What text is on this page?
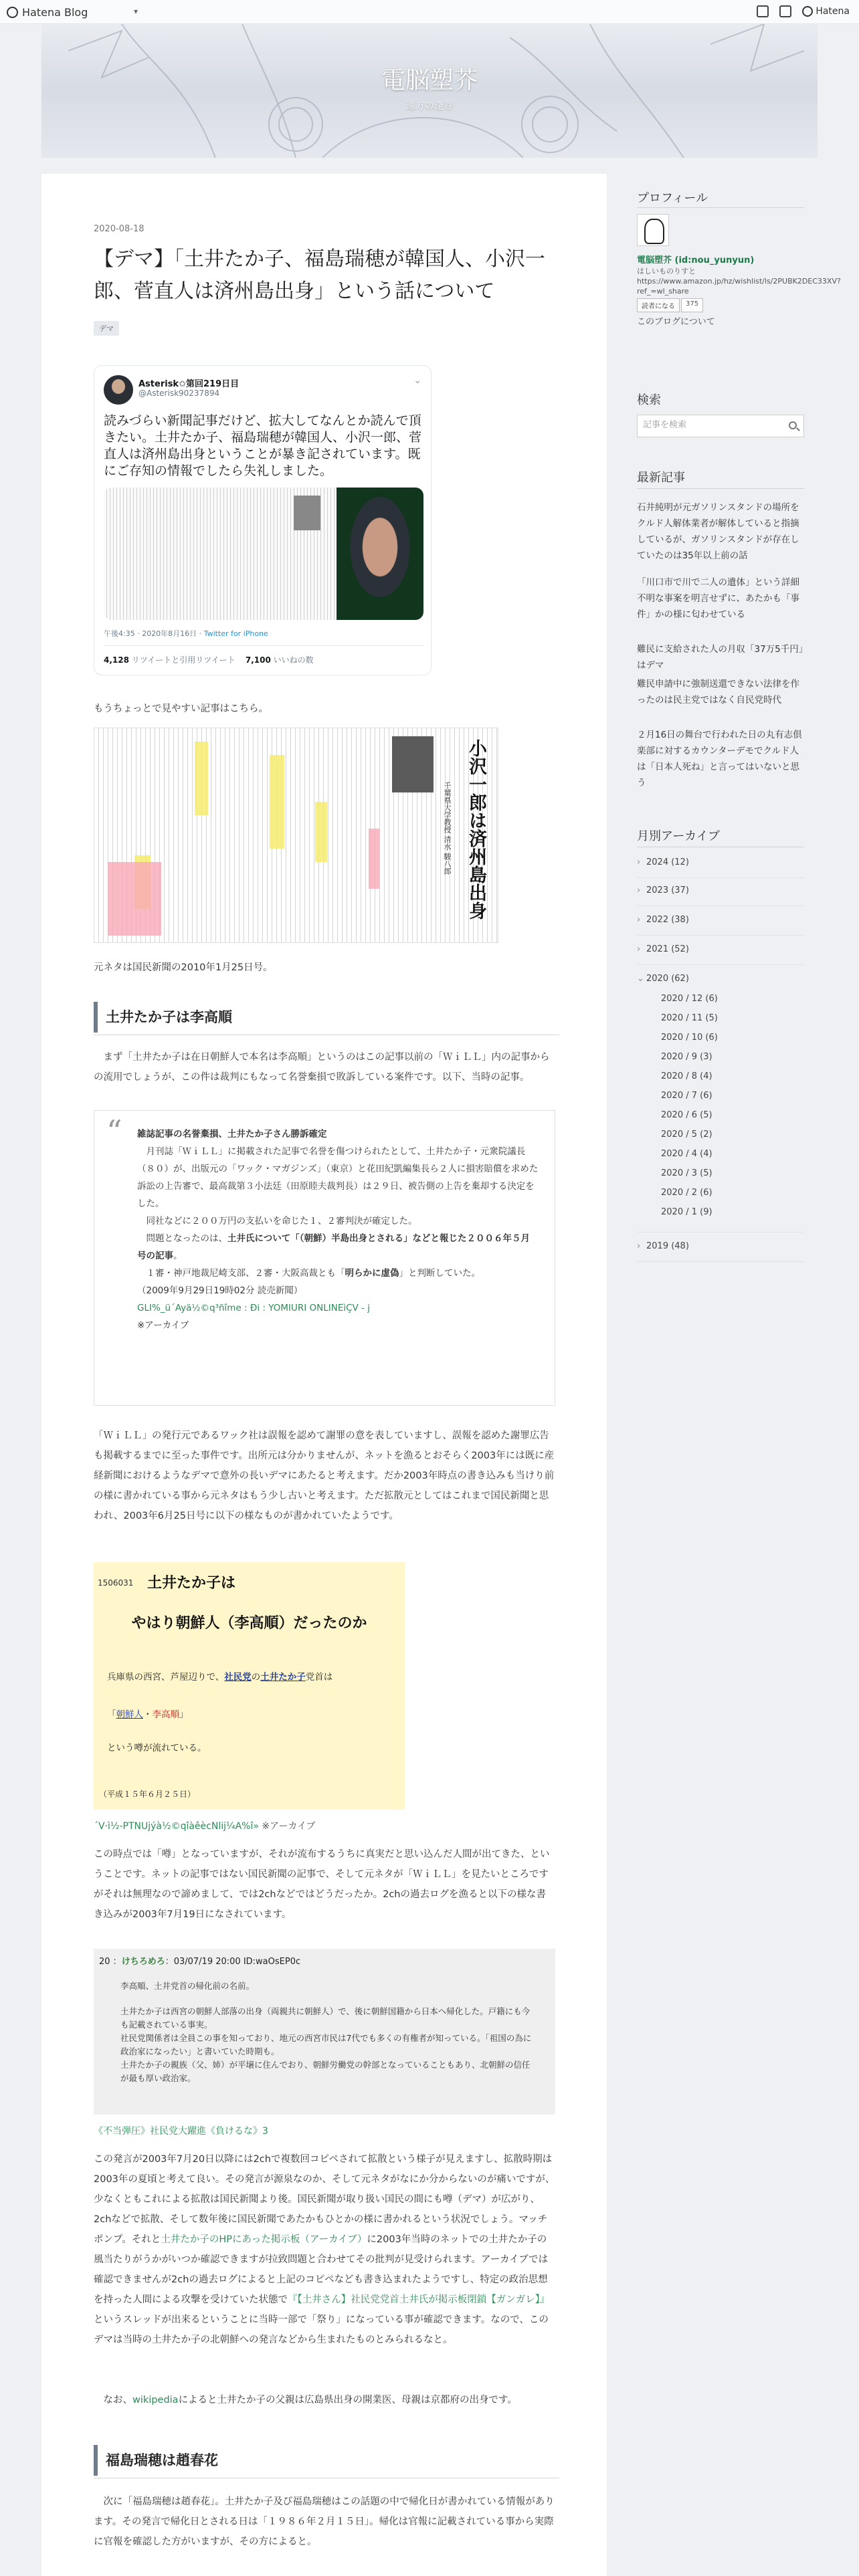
Hatena Blog	▾	Hatena
電脳塑芥
遠方の逢谷
2020-08-18
【デマ】「土井たか子、福島瑞穂が韓国人、小沢一郎、菅直人は済州島出身」という話について
デマ
Asterisk✩第回219日目
@Asterisk90237894
⌄
読みづらい新聞記事だけど、拡大してなんとか読んで頂きたい。土井たか子、福島瑞穂が韓国人、小沢一郎、菅直人は済州島出身ということが暴き記されています。既にご存知の情報でしたら失礼しました。
午後4:35 · 2020年8月16日 · Twitter for iPhone
4,128 リツイートと引用リツイート 7,100 いいねの数
もうちょっとで見やすい記事はこちら。
小沢一郎は済州島出身
千葉県大学教授 清水 駿八郎
元ネタは国民新聞の2010年1月25日号。
土井たか子は李高順
　まず「土井たか子は在日朝鮮人で本名は李高順」というのはこの記事以前の「ＷｉＬＬ」内の記事からの流用でしょうが、この件は裁判にもなって名誉棄損で敗訴している案件です。以下、当時の記事。
“ 雑誌記事の名誉棄損、土井たか子さん勝訴確定
　月刊誌「ＷｉＬＬ」に掲載された記事で名誉を傷つけられたとして、土井たか子・元衆院議長（８０）が、出版元の「ワック・マガジンズ」（東京）と花田紀凱編集長ら２人に損害賠償を求めた訴訟の上告審で、最高裁第３小法廷（田原睦夫裁判長）は２９日、被告側の上告を棄却する決定をした。
　同社などに２００万円の支払いを命じた１、２審判決が確定した。
　問題となったのは、土井氏について「（朝鮮）半島出身とされる」などと報じた２００６年５月号の記事。
　１審・神戸地裁尼崎支部、２審・大阪高裁とも「明らかに虚偽」と判断していた。
（2009年9月29日19時02分 読売新聞）
GLI%_ü´Ayä½©q³ñîme : Ði : YOMIURI ONLINEìÇV - j
※アーカイブ
「ＷｉＬＬ」の発行元であるワック社は誤報を認めて謝罪の意を表していますし、誤報を認めた謝罪広告も掲載するまでに至った事件です。出所元は分かりませんが、ネットを漁るとおそらく2003年には既に産経新聞におけるようなデマで意外の長いデマにあたると考えます。だか2003年時点の書き込みも当けり前の様に書かれている事から元ネタはもう少し古いと考えます。ただ拡散元としてはこれまで国民新聞と思われ、​2003年6月25日号に以下の様なものが書かれていたようです。
1506031 土井たか子は
やはり朝鮮人（李高順）だったのか
兵庫県の西宮、芦屋辺りで、社民党の土井たか子党首は
「朝鮮人・李高順」
という噂が流れている。
（平成１５年６月２５日）
´V·ì½-PTNUjýà½©qîàêècNlij¼A%î» ※アーカイブ
この時点では「噂」となっていますが、それが流布するうちに真実だと思い込んだ人間が出てきた、ということです。ネットの記事ではない国民新聞の記事で、そして元ネタが「ＷｉＬＬ」を見たいところですがそれは無理なので諦めまして、では2chなどではどうだったか。2chの過去ログを漁ると以下の様な書き込みが2003年7月19日になされています。
20 ：けちろめろ：03/07/19 20:00 ID:waOsEP0c
李高順、土井党首の帰化前の名前。
土井たか子は西宮の朝鮮人部落の出身（両親共に朝鮮人）で、後に朝鮮国籍から日本へ帰化した。戸籍にも今も記載されている事実。
社民党関係者は全員この事を知っており、地元の西宮市民は7代でも多くの有権者が知っている。「祖国の為に政治家になったい」と書いていた時期も。
土井たか子の親族（父、姉）が平壌に住んでおり、朝鮮労働党の幹部となっていることもあり、北朝鮮の信任が最も厚い政治家。
《不当弾圧》社民党大躍進《負けるな》3
この発言が2003年7月20日以降には2chで複数回コピペされて拡散という様子が見えますし、拡散時期は2003年の夏頃と考えて良い。その発言が源泉なのか、そして元ネタがなにか分からないのが痛いですが、少なくともこれによる拡散は国民新聞より後。国民新聞が取り扱い国民の間にも噂（デマ）が広がり、2chなどで拡散、そして数年後に国民新聞であたかもひとかの様に書かれるという状況でしょう。マッチポンプ。それと土井たか子のHPにあった掲示板（アーカイブ）に2003年当時のネットでの土井たか子の風当たりがうかがいつか確認できますが拉致問題と合わせてその批判が見受けられます。アーカイブでは確認できませんが2chの過去ログによると上記のコピペなども書き込まれたようですし、特定の政治思想を持った人間による攻撃を受けていた状態で『【土井さん】社民党党首土井氏が掲示板閉鎖【ガンガレ】』というスレッドが出来るということに当時一部で「祭り」になっている事が確認できます。なので、このデマは当時の土井たか子の北朝鮮への発言などから生まれたものとみられるなと。
　なお、wikipediaによると土井たか子の父親は広島県出身の開業医、母親は京都府の出身です。
福島瑞穂は趙春花
　次に「福島瑞穂は趙春花」。土井たか子及び福島瑞穂はこの話題の中で帰化日が書かれている情報があります。その発言で帰化日とされる日は「１９８６年２月１５日」。帰化は官報に記載されている事から実際に官報を確認した方がいますが、その方によると。
プロフィール
電脳塑芥 (id:nou_yunyun)
はしいものりすと https://www.amazon.jp/hz/wishlist/ls/2PUBK2DEC33XV?ref_=wl_share
読者になる	375
このブログについて
検索
記事を検索
最新記事
石井純明が元ガソリンスタンドの場所をクルド人解体業者が解体していると指摘しているが、ガソリンスタンドが存在していたのは35年以上前の話
「川口市で川で二人の遺体」という詳細不明な事案を明言せずに、あたかも「事件」かの様に匂わせている
難民に支給された人の月収「37万5千円」はデマ
難民申請中に強制送還できない法律を作ったのは民主党ではなく自民党時代
２月16日の舞台で行われた日の丸有志倶楽部に対するカウンターデモでクルド人は「日本人死ね」と言ってはいないと思う
月別アーカイブ
› 2024 (12)
› 2023 (37)
› 2022 (38)
› 2021 (52)
⌄ 2020 (62)
2020 / 12 (6)
2020 / 11 (5)
2020 / 10 (6)
2020 / 9 (3)
2020 / 8 (4)
2020 / 7 (6)
2020 / 6 (5)
2020 / 5 (2)
2020 / 4 (4)
2020 / 3 (5)
2020 / 2 (6)
2020 / 1 (9)
› 2019 (48)
